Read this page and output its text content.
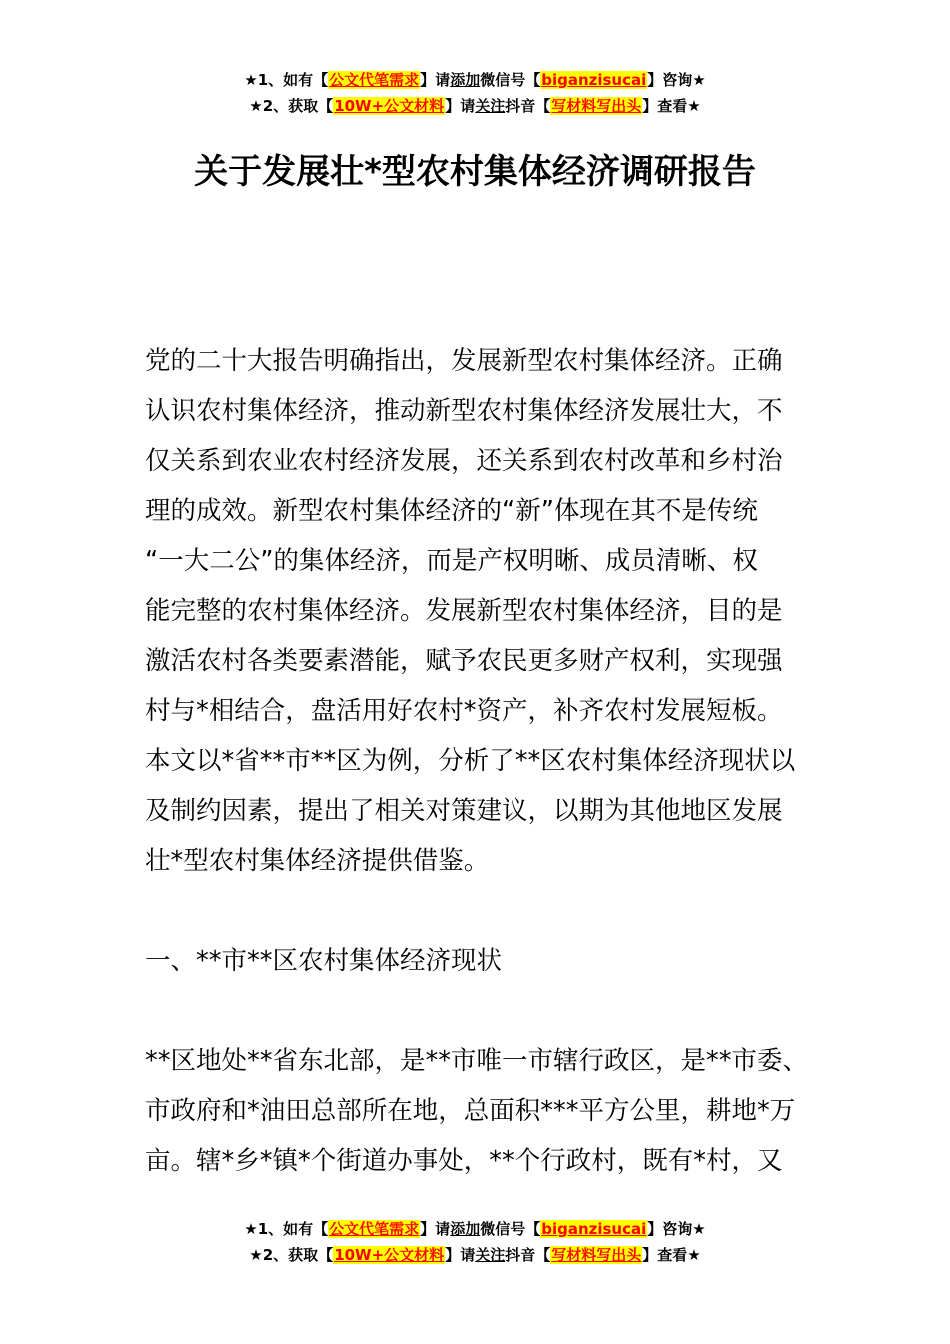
★1、如有【公文代笔需求】请添加微信号【biganzisucai】咨询★
★2、获取【10W+公文材料】请关注抖音【写材料写出头】查看★
关于发展壮*型农村集体经济调研报告
党的二十大报告明确指出，发展新型农村集体经济。正确
认识农村集体经济，推动新型农村集体经济发展壮大，不
仅关系到农业农村经济发展，还关系到农村改革和乡村治
理的成效。新型农村集体经济的“新”体现在其不是传统
“一大二公”的集体经济，而是产权明晰、成员清晰、权
能完整的农村集体经济。发展新型农村集体经济，目的是
激活农村各类要素潜能，赋予农民更多财产权利，实现强
村与*相结合，盘活用好农村*资产，补齐农村发展短板。
本文以*省**市**区为例，分析了**区农村集体经济现状以
及制约因素，提出了相关对策建议，以期为其他地区发展
壮*型农村集体经济提供借鉴。
一、**市**区农村集体经济现状
**区地处**省东北部，是**市唯一市辖行政区，是**市委、
市政府和*油田总部所在地，总面积***平方公里，耕地*万
亩。辖*乡*镇*个街道办事处，**个行政村，既有*村，又
★1、如有【公文代笔需求】请添加微信号【biganzisucai】咨询★
★2、获取【10W+公文材料】请关注抖音【写材料写出头】查看★
